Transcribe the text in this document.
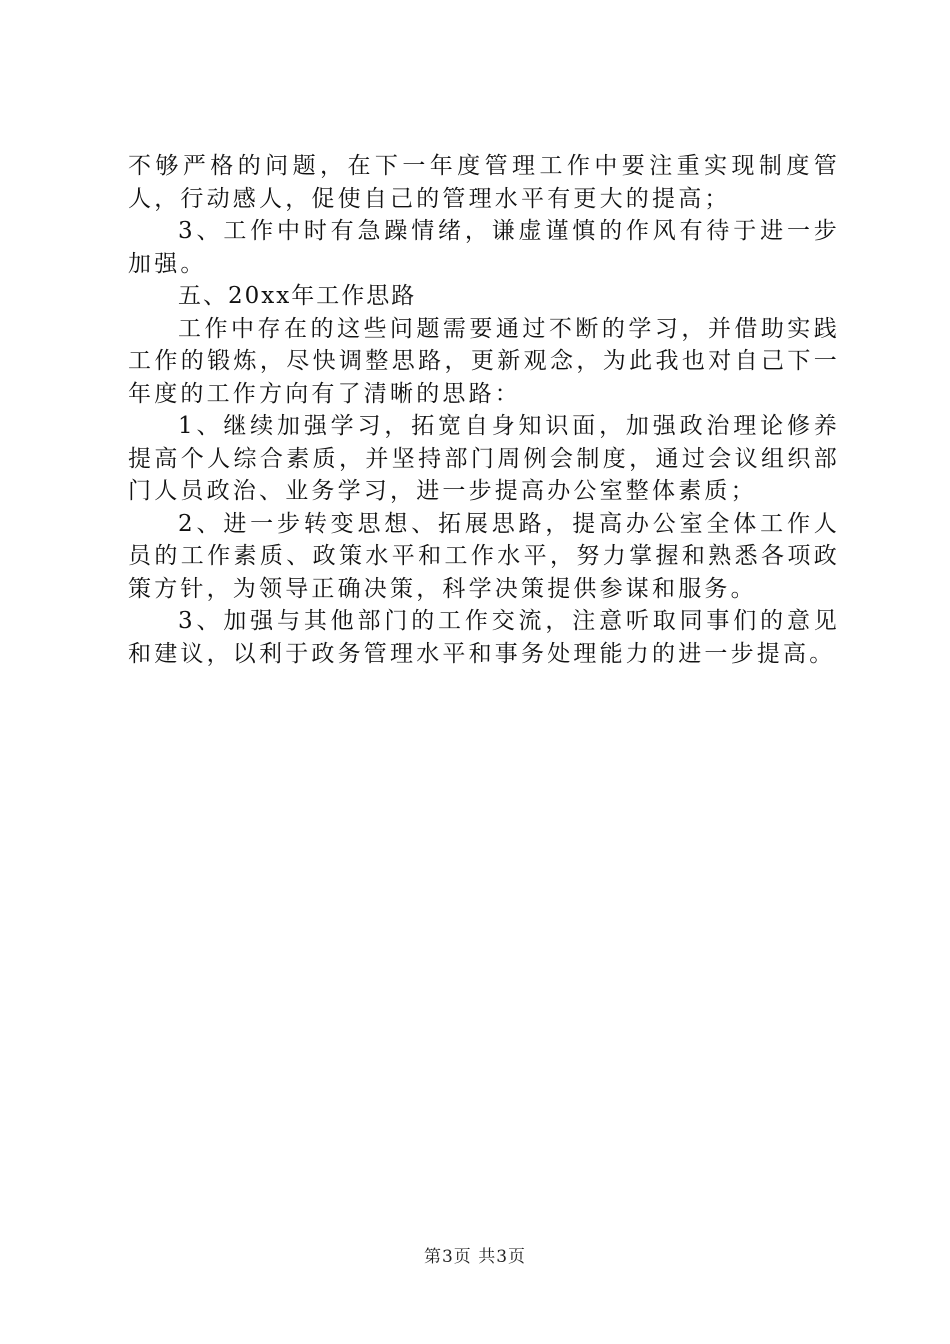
不够严格的问题，在下一年度管理工作中要注重实现制度管人，行动感人，促使自己的管理水平有更大的提高；

3、工作中时有急躁情绪，谦虚谨慎的作风有待于进一步加强。

五、20xx年工作思路

工作中存在的这些问题需要通过不断的学习，并借助实践工作的锻炼，尽快调整思路，更新观念，为此我也对自己下一年度的工作方向有了清晰的思路：

1、继续加强学习，拓宽自身知识面，加强政治理论修养提高个人综合素质，并坚持部门周例会制度，通过会议组织部门人员政治、业务学习，进一步提高办公室整体素质；

2、进一步转变思想、拓展思路，提高办公室全体工作人员的工作素质、政策水平和工作水平，努力掌握和熟悉各项政策方针，为领导正确决策，科学决策提供参谋和服务。

3、加强与其他部门的工作交流，注意听取同事们的意见和建议，以利于政务管理水平和事务处理能力的进一步提高。

第3页 共3页
